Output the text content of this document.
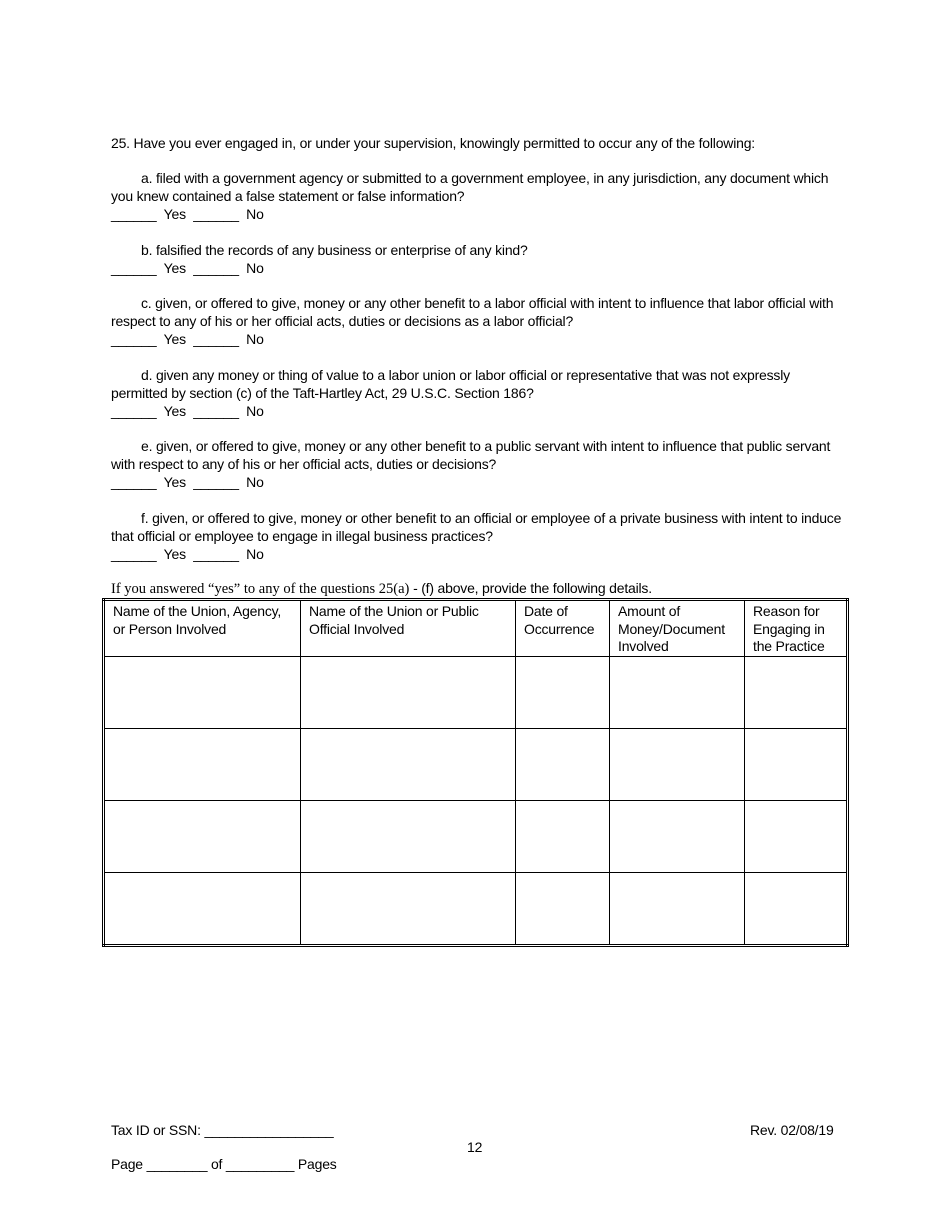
25. Have you ever engaged in, or under your supervision, knowingly permitted to occur any of the following:
a. filed with a government agency or submitted to a government employee, in any jurisdiction, any document which you knew contained a false statement or false information?
______  Yes  ______  No
b. falsified the records of any business or enterprise of any kind?
______  Yes  ______  No
c. given, or offered to give, money or any other benefit to a labor official with intent to influence that labor official with respect to any of his or her official acts, duties or decisions as a labor official?
______  Yes  ______  No
d. given any money or thing of value to a labor union or labor official or representative that was not expressly permitted by section (c) of the Taft-Hartley Act, 29 U.S.C. Section 186?
______  Yes  ______  No
e. given, or offered to give, money or any other benefit to a public servant with intent to influence that public servant with respect to any of his or her official acts, duties or decisions?
______  Yes  ______  No
f. given, or offered to give, money or other benefit to an official or employee of a private business with intent to induce that official or employee to engage in illegal business practices?
______  Yes  ______  No
If you answered “yes” to any of the questions 25(a) - (f) above, provide the following details.
Name of the Union, Agency, or Person Involved	Name of the Union or Public Official Involved	Date of Occurrence	Amount of Money/Document Involved	Reason for Engaging in the Practice

Tax ID or SSN: _________________
Page ________ of _________ Pages
Rev. 02/08/19
12
